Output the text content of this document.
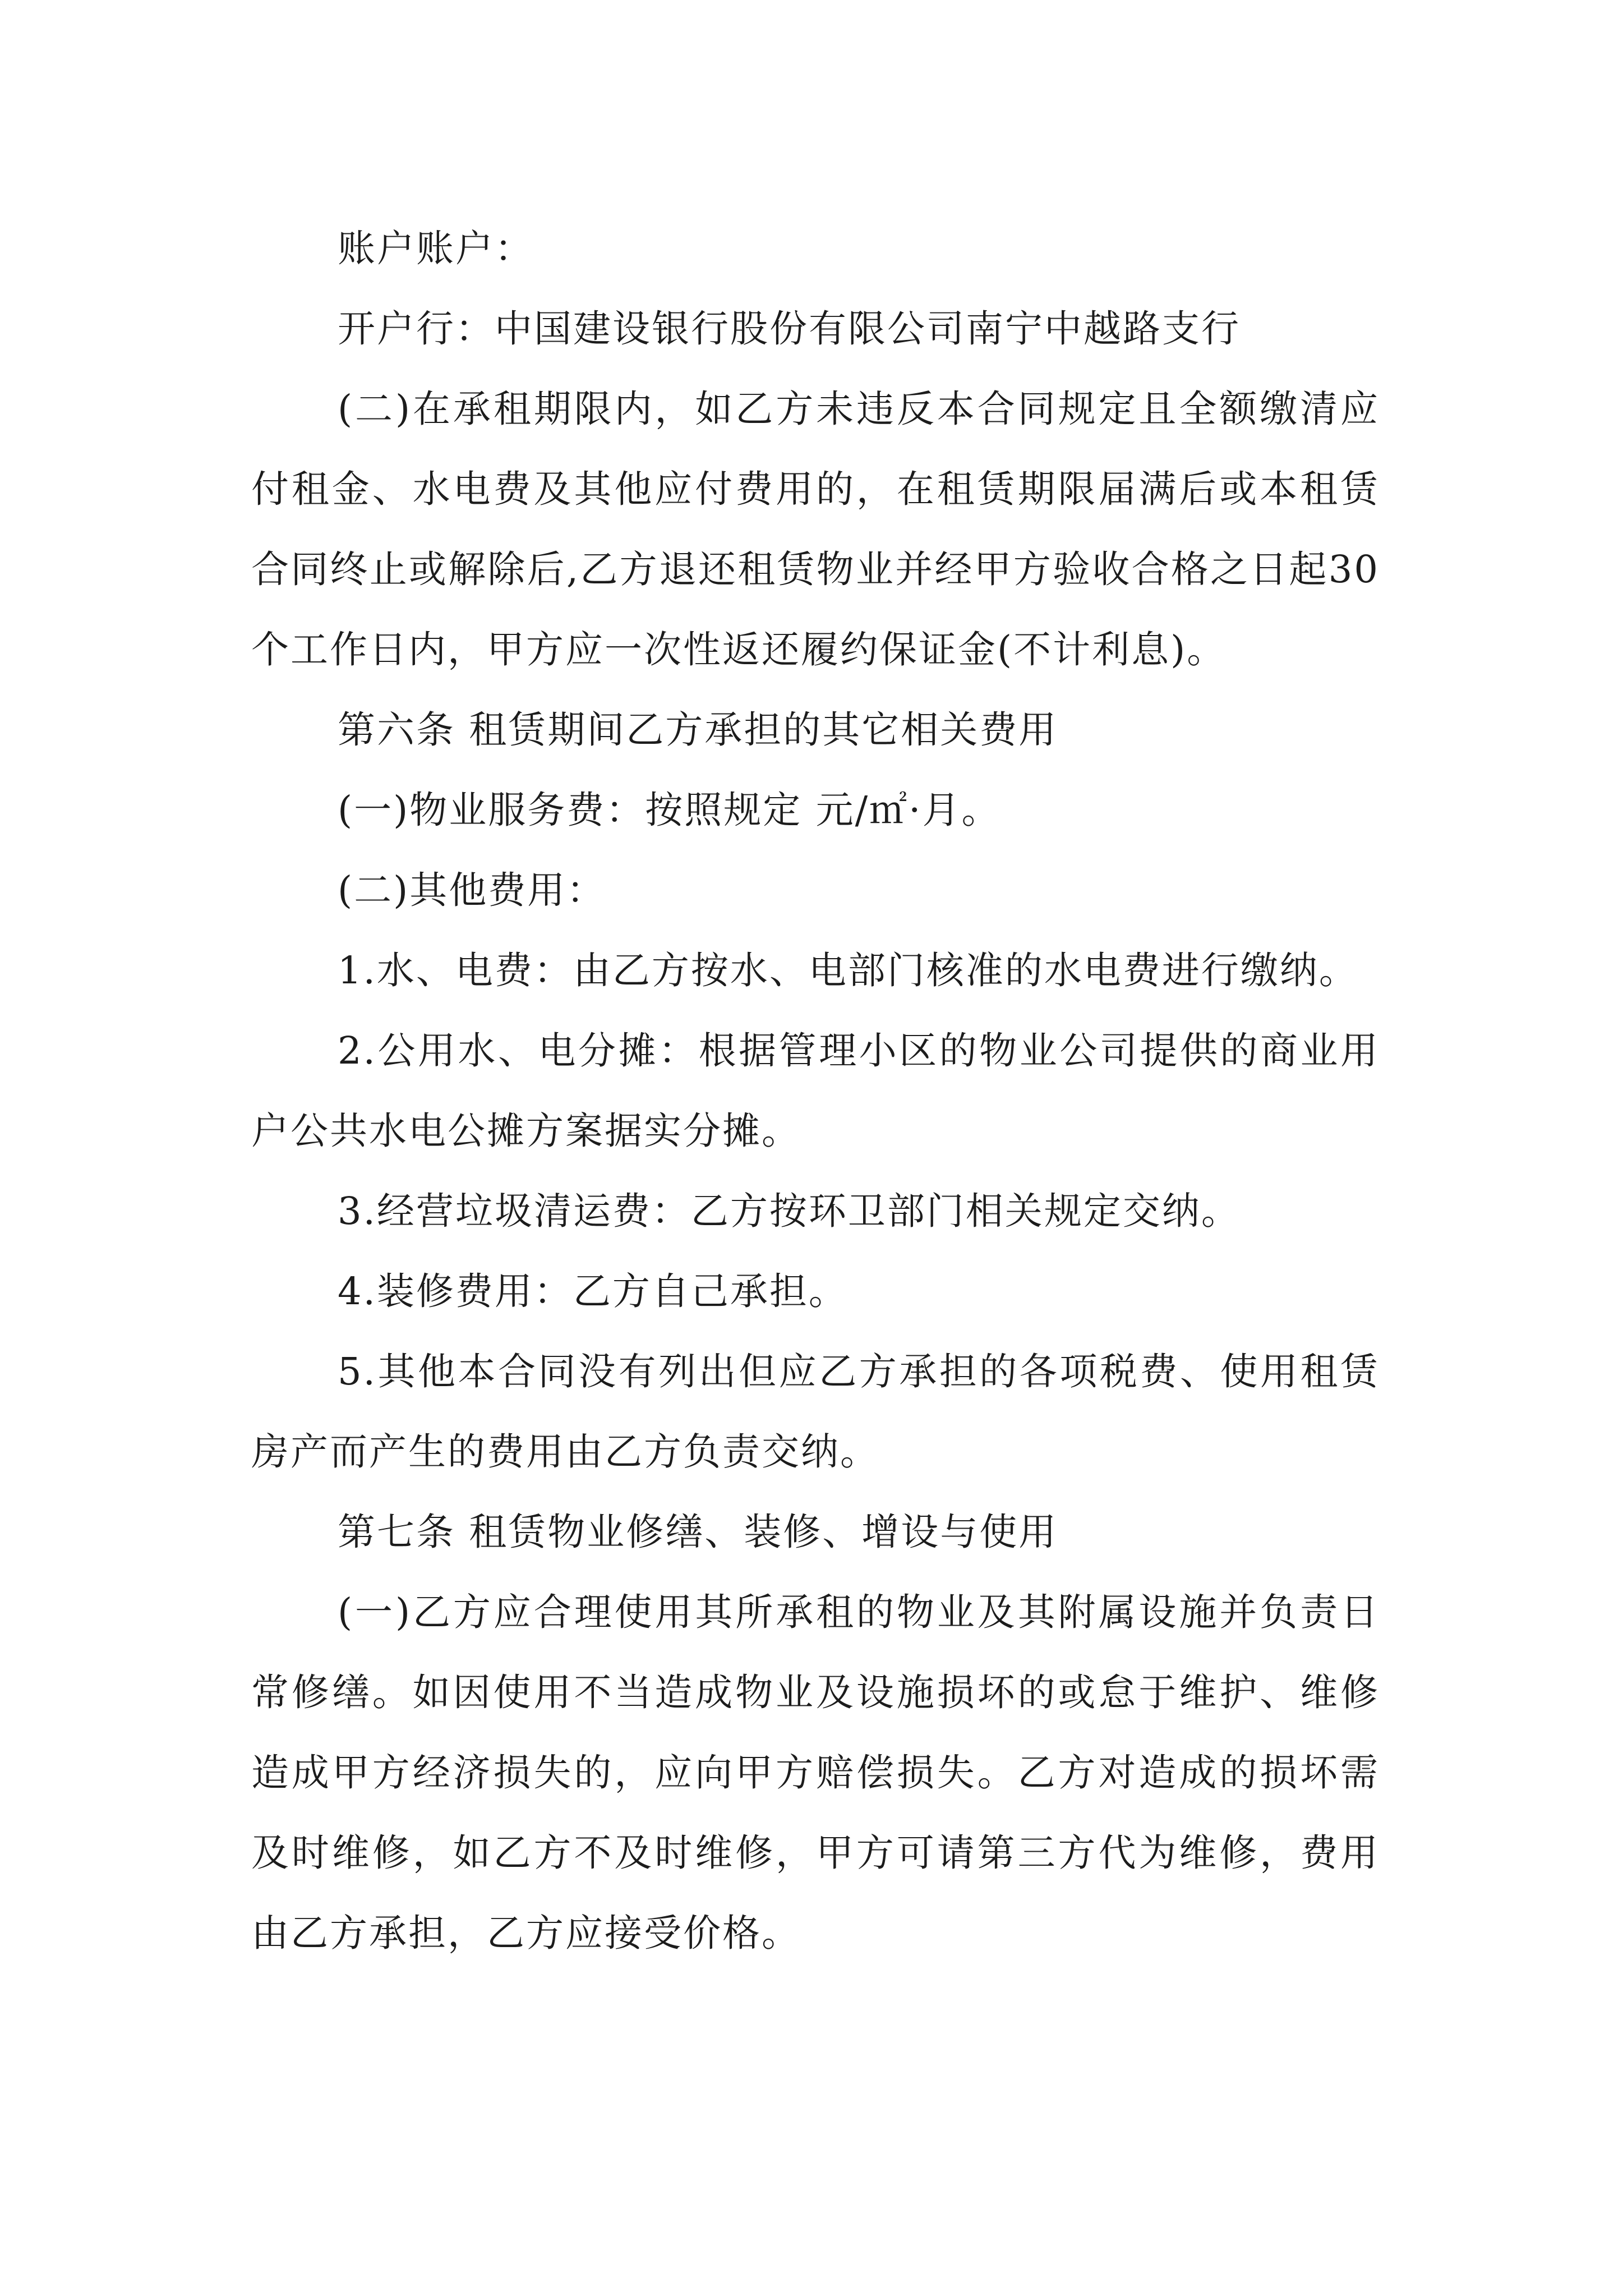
账户账户：

开户行：中国建设银行股份有限公司南宁中越路支行

(二)在承租期限内，如乙方未违反本合同规定且全额缴清应付租金、水电费及其他应付费用的，在租赁期限届满后或本租赁合同终止或解除后,乙方退还租赁物业并经甲方验收合格之日起30个工作日内，甲方应一次性返还履约保证金(不计利息)。

第六条 租赁期间乙方承担的其它相关费用

(一)物业服务费：按照规定 元/㎡·月。

(二)其他费用：

1.水、电费：由乙方按水、电部门核准的水电费进行缴纳。

2.公用水、电分摊：根据管理小区的物业公司提供的商业用户公共水电公摊方案据实分摊。

3.经营垃圾清运费：乙方按环卫部门相关规定交纳。

4.装修费用：乙方自己承担。

5.其他本合同没有列出但应乙方承担的各项税费、使用租赁房产而产生的费用由乙方负责交纳。

第七条 租赁物业修缮、装修、增设与使用

(一)乙方应合理使用其所承租的物业及其附属设施并负责日常修缮。如因使用不当造成物业及设施损坏的或怠于维护、维修造成甲方经济损失的，应向甲方赔偿损失。乙方对造成的损坏需及时维修，如乙方不及时维修，甲方可请第三方代为维修，费用由乙方承担，乙方应接受价格。
